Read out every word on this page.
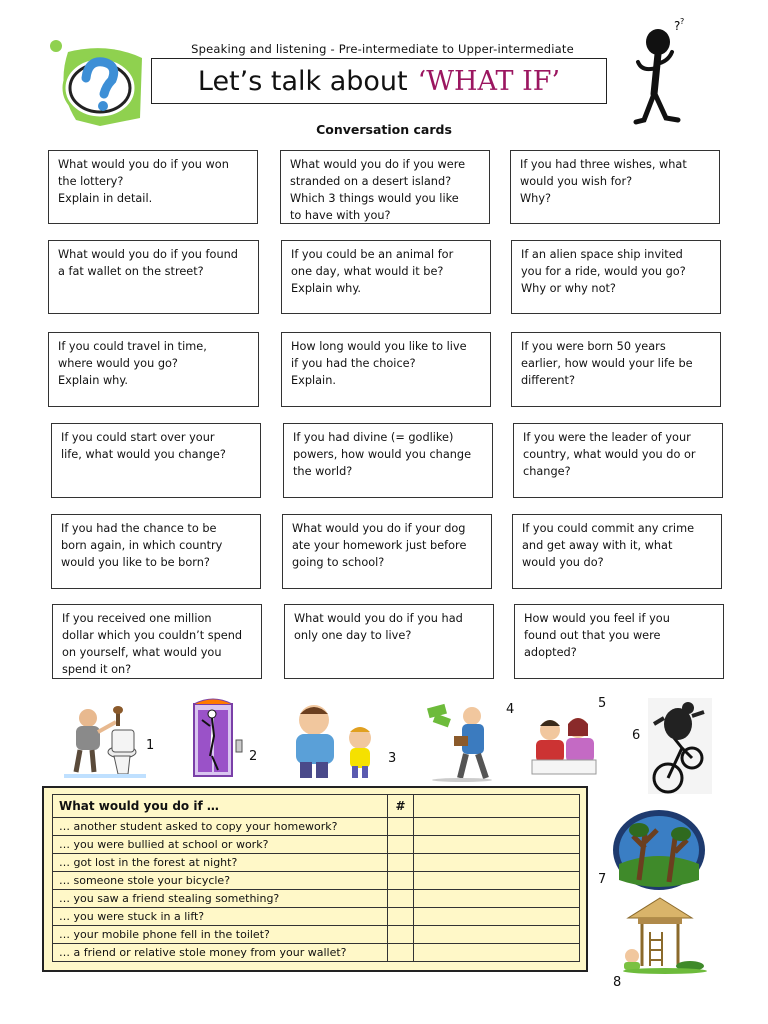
Speaking and listening - Pre-intermediate to Upper-intermediate
Let’s talk about ‘WHAT IF’
? ?
Conversation cards
What would you do if you won
the lottery?
Explain in detail.
What would you do if you were
stranded on a desert island?
Which 3 things would you like
to have with you?
If you had three wishes, what
would you wish for?
Why?
What would you do if you found
a fat wallet on the street?
If you could be an animal for
one day, what would it be?
Explain why.
If an alien space ship invited
you for a ride, would you go?
Why or why not?
If you could travel in time,
where would you go?
Explain why.
How long would you like to live
if you had the choice?
Explain.
If you were born 50 years
earlier, how would your life be
different?
If you could start over your
life, what would you change?
If you had divine (= godlike)
powers, how would you change
the world?
If you were the leader of your
country, what would you do or
change?
If you had the chance to be
born again, in which country
would you like to be born?
What would you do if your dog
ate your homework just before
going to school?
If you could commit any crime
and get away with it, what
would you do?
If you received one million
dollar which you couldn’t spend
on yourself, what would you
spend it on?
What would you do if you had
only one day to live?
How would you feel if you
found out that you were
adopted?
1
2	3
4	5
6
7
8
What would you do if …	#	
… another student asked to copy your homework?		
… you were bullied at school or work?		
… got lost in the forest at night?		
… someone stole your bicycle?		
… you saw a friend stealing something?		
… you were stuck in a lift?		
… your mobile phone fell in the toilet?		
… a friend or relative stole money from your wallet?		
